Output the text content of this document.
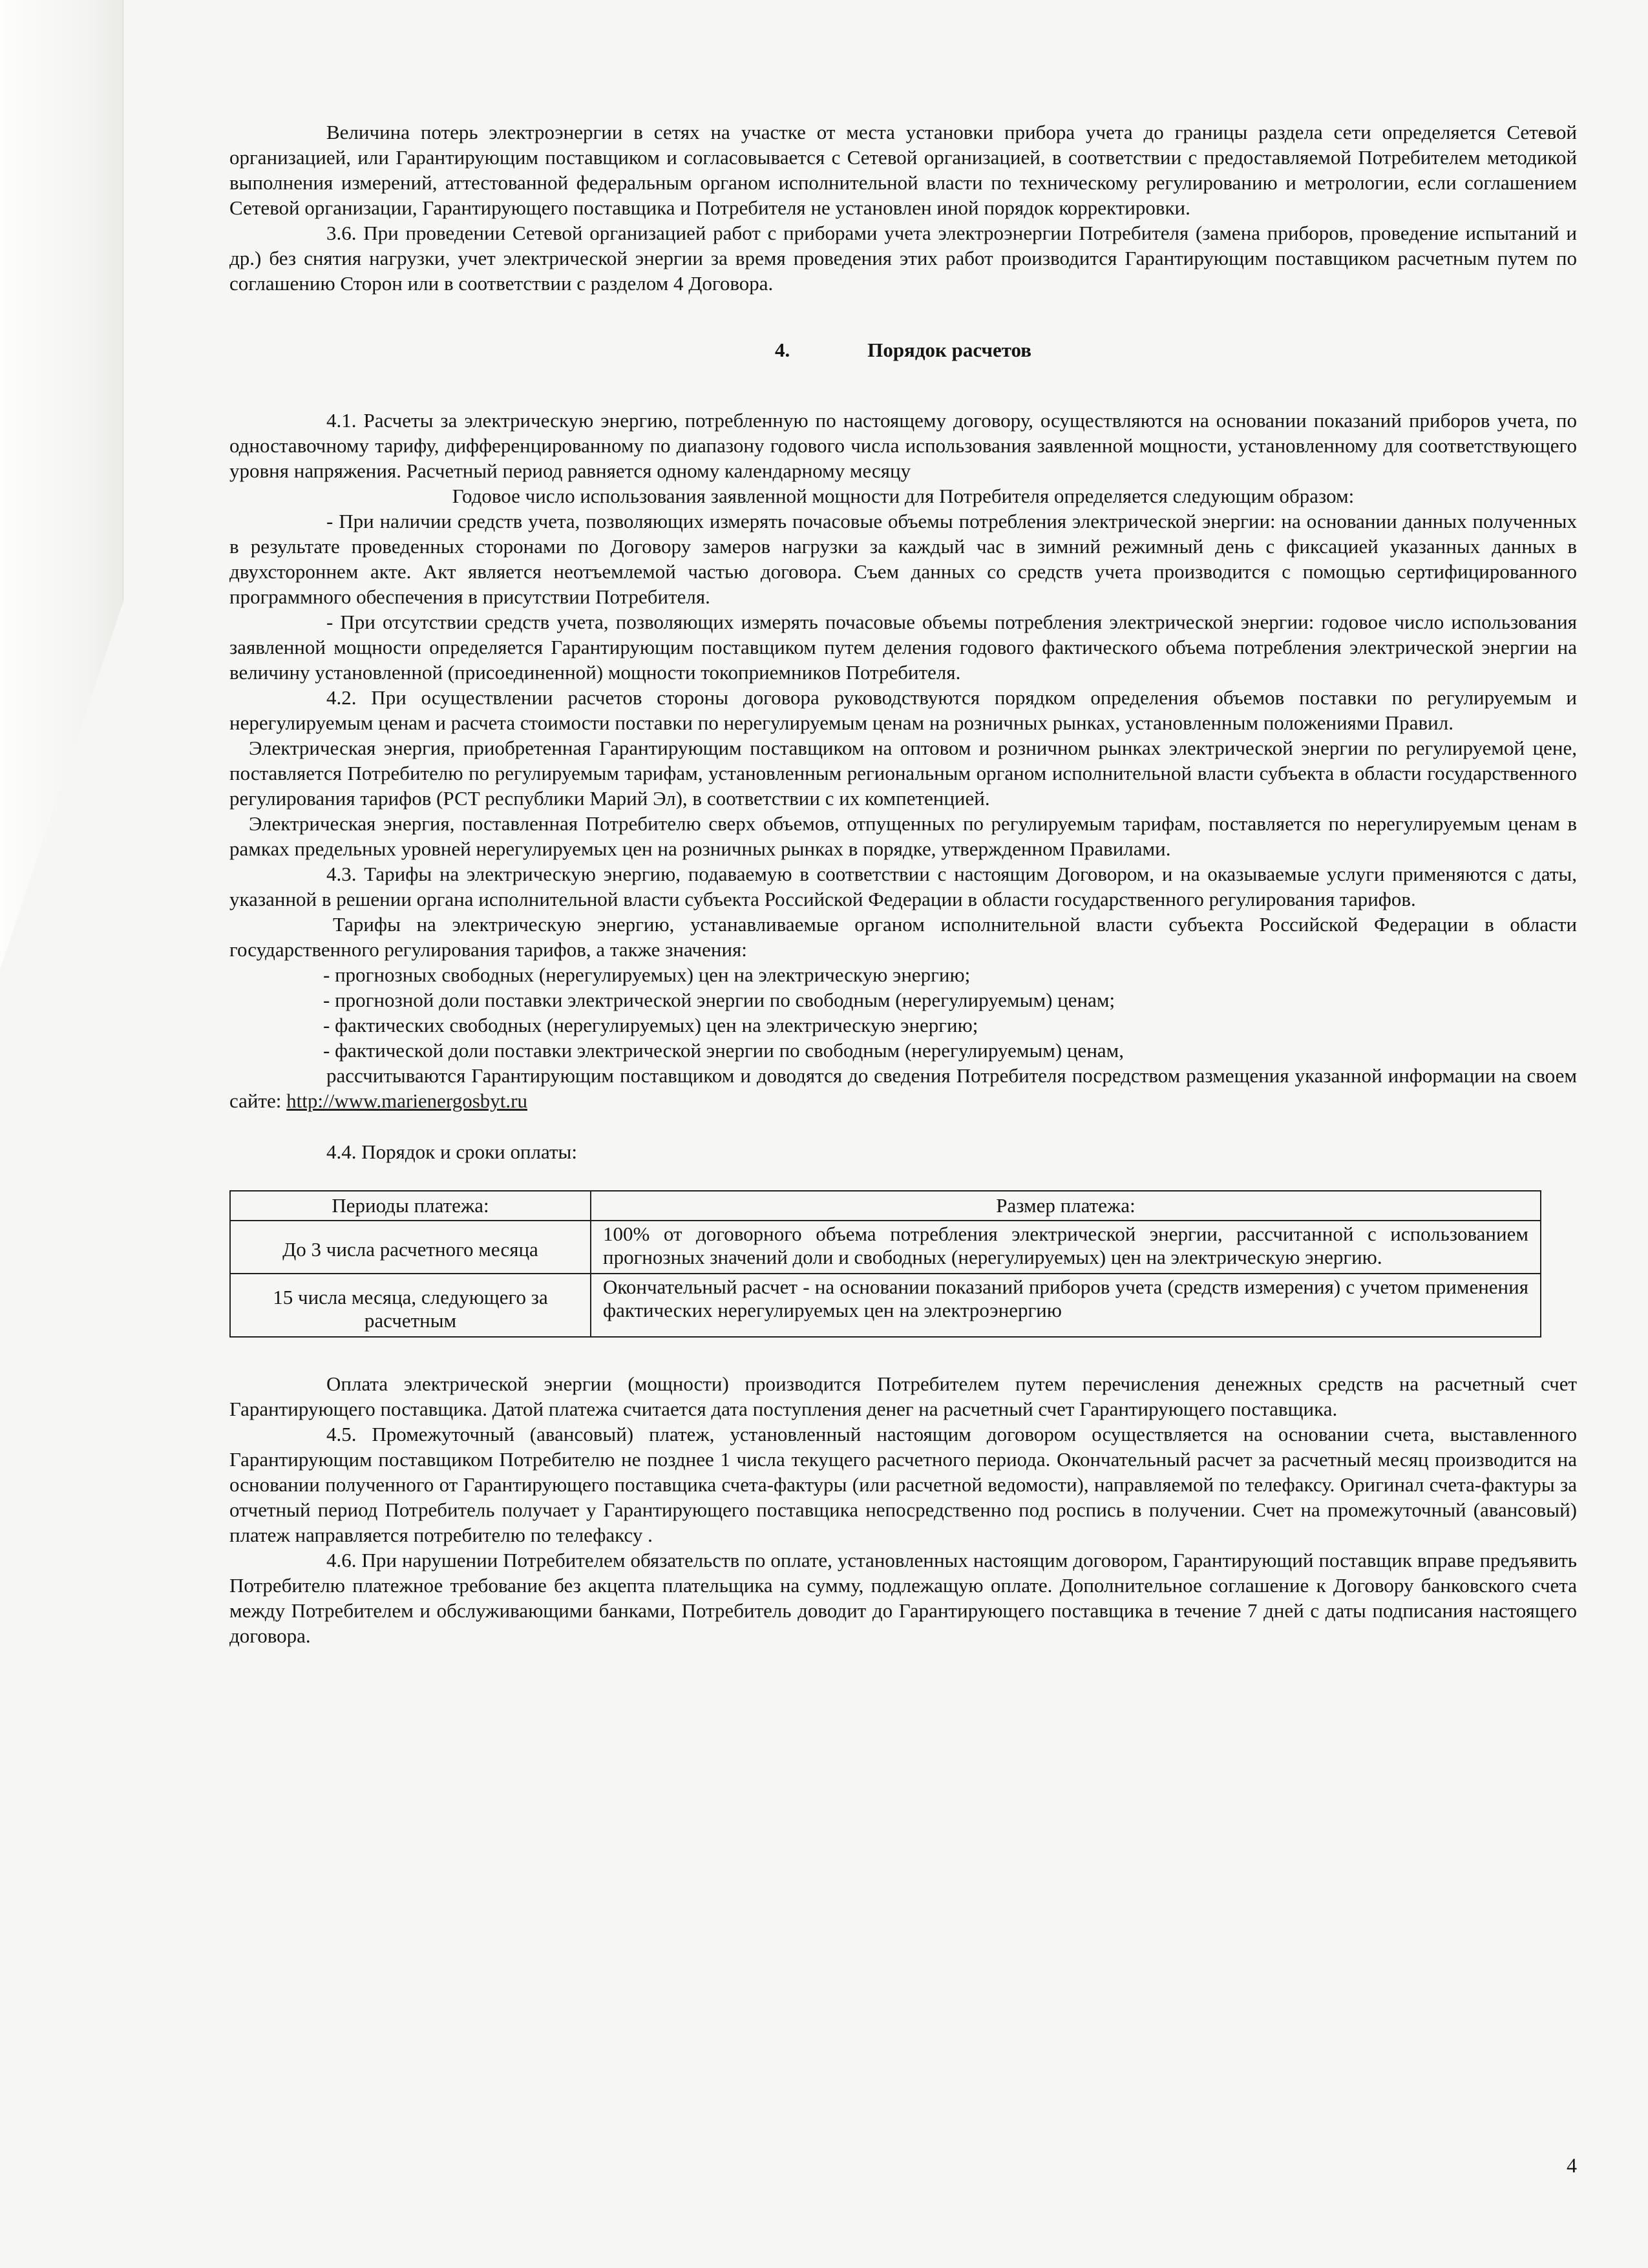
Величина потерь электроэнергии в сетях на участке от места установки прибора учета до границы раздела сети определяется Сетевой организацией, или Гарантирующим поставщиком и согласовывается с Сетевой организацией, в соответствии с предоставляемой Потребителем методикой выполнения измерений, аттестованной федеральным органом исполнительной власти по техническому регулированию и метрологии, если соглашением Сетевой организации, Гарантирующего поставщика и Потребителя не установлен иной порядок корректировки.

3.6. При проведении Сетевой организацией работ с приборами учета электроэнергии Потребителя (замена приборов, проведение испытаний и др.) без снятия нагрузки, учет электрической энергии за время проведения этих работ производится Гарантирующим поставщиком расчетным путем по соглашению Сторон или в соответствии с разделом 4 Договора.

4.	Порядок расчетов

4.1. Расчеты за электрическую энергию, потребленную по настоящему договору, осуществляются на основании показаний приборов учета, по одноставочному тарифу, дифференцированному по диапазону годового числа использования заявленной мощности, установленному для соответствующего уровня напряжения. Расчетный период равняется одному календарному месяцу

Годовое число использования заявленной мощности для Потребителя определяется следующим образом:

- При наличии средств учета, позволяющих измерять почасовые объемы потребления электрической энергии: на основании данных полученных в результате проведенных сторонами по Договору замеров нагрузки за каждый час в зимний режимный день с фиксацией указанных данных в двухстороннем акте. Акт является неотъемлемой частью договора. Съем данных со средств учета производится с помощью сертифицированного программного обеспечения в присутствии Потребителя.

- При отсутствии средств учета, позволяющих измерять почасовые объемы потребления электрической энергии: годовое число использования заявленной мощности определяется Гарантирующим поставщиком путем деления годового фактического объема потребления электрической энергии на величину установленной (присоединенной) мощности токоприемников Потребителя.

4.2. При осуществлении расчетов стороны договора руководствуются порядком определения объемов поставки по регулируемым и нерегулируемым ценам и расчета стоимости поставки по нерегулируемым ценам на розничных рынках, установленным положениями Правил.

Электрическая энергия, приобретенная Гарантирующим поставщиком на оптовом и розничном рынках электрической энергии по регулируемой цене, поставляется Потребителю по регулируемым тарифам, установленным региональным органом исполнительной власти субъекта в области государственного регулирования тарифов (РСТ республики Марий Эл), в соответствии с их компетенцией.

Электрическая энергия, поставленная Потребителю сверх объемов, отпущенных по регулируемым тарифам, поставляется по нерегулируемым ценам в рамках предельных уровней нерегулируемых цен на розничных рынках в порядке, утвержденном Правилами.

4.3. Тарифы на электрическую энергию, подаваемую в соответствии с настоящим Договором, и на оказываемые услуги применяются с даты, указанной в решении органа исполнительной власти субъекта Российской Федерации в области государственного регулирования тарифов.

Тарифы на электрическую энергию, устанавливаемые органом исполнительной власти субъекта Российской Федерации в области государственного регулирования тарифов, а также значения:

- прогнозных свободных (нерегулируемых) цен на электрическую энергию;

- прогнозной доли поставки электрической энергии по свободным (нерегулируемым) ценам;

- фактических свободных (нерегулируемых) цен на электрическую энергию;

- фактической доли поставки электрической энергии по свободным (нерегулируемым) ценам,

рассчитываются Гарантирующим поставщиком и доводятся до сведения Потребителя посредством размещения указанной информации на своем сайте: http://www.marienergosbyt.ru

4.4. Порядок и сроки оплаты:

Периоды платежа:	Размер платежа:
До 3 числа расчетного месяца	100% от договорного объема потребления электрической энергии, рассчитанной с использованием прогнозных значений доли и свободных (нерегулируемых) цен на электрическую энергию.
15 числа месяца, следующего за расчетным	Окончательный расчет - на основании показаний приборов учета (средств измерения) с учетом применения фактических нерегулируемых цен на электроэнергию

Оплата электрической энергии (мощности) производится Потребителем путем перечисления денежных средств на расчетный счет Гарантирующего поставщика. Датой платежа считается дата поступления денег на расчетный счет Гарантирующего поставщика.

4.5. Промежуточный (авансовый) платеж, установленный настоящим договором осуществляется на основании счета, выставленного Гарантирующим поставщиком Потребителю не позднее 1 числа текущего расчетного периода. Окончательный расчет за расчетный месяц производится на основании полученного от Гарантирующего поставщика счета-фактуры (или расчетной ведомости), направляемой по телефаксу. Оригинал счета-фактуры за отчетный период Потребитель получает у Гарантирующего поставщика непосредственно под роспись в получении. Счет на промежуточный (авансовый) платеж направляется потребителю по телефаксу .

4.6. При нарушении Потребителем обязательств по оплате, установленных настоящим договором, Гарантирующий поставщик вправе предъявить Потребителю платежное требование без акцепта плательщика на сумму, подлежащую оплате. Дополнительное соглашение к Договору банковского счета между Потребителем и обслуживающими банками, Потребитель доводит до Гарантирующего поставщика в течение 7 дней с даты подписания настоящего договора.

4
